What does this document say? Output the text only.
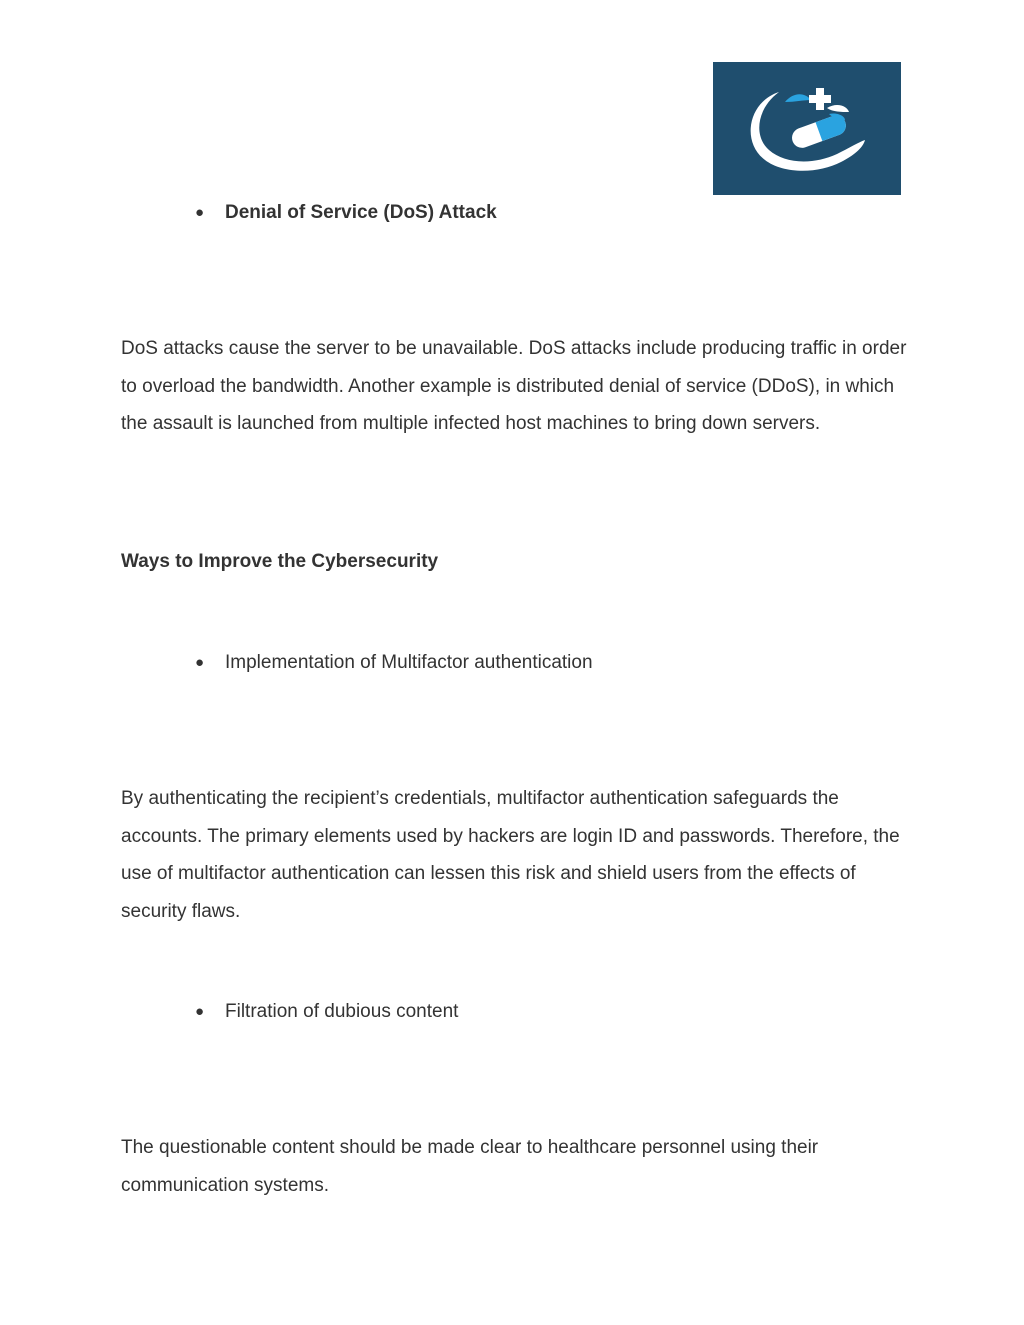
● Denial of Service (DoS) Attack

DoS attacks cause the server to be unavailable. DoS attacks include producing traffic in order to overload the bandwidth. Another example is distributed denial of service (DDoS), in which the assault is launched from multiple infected host machines to bring down servers.

Ways to Improve the Cybersecurity
● Implementation of Multifactor authentication

By authenticating the recipient’s credentials, multifactor authentication safeguards the accounts. The primary elements used by hackers are login ID and passwords. Therefore, the use of multifactor authentication can lessen this risk and shield users from the effects of security flaws.

● Filtration of dubious content

The questionable content should be made clear to healthcare personnel using their communication systems.
